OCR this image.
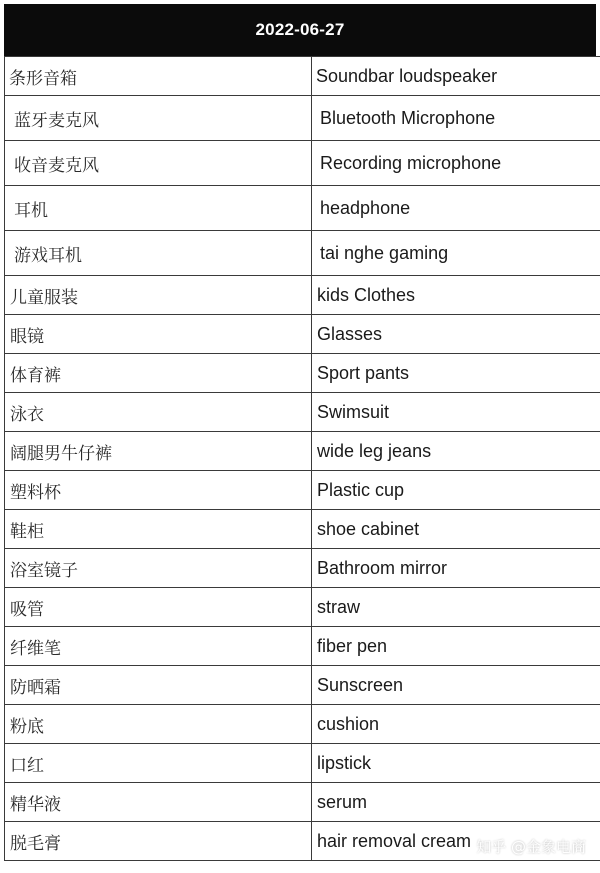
2022-06-27
条形音箱	Soundbar loudspeaker
蓝牙麦克风	Bluetooth Microphone
收音麦克风	Recording microphone
耳机	headphone
游戏耳机	tai nghe gaming
儿童服装	kids Clothes
眼镜	Glasses
体育裤	Sport pants
泳衣	Swimsuit
阔腿男牛仔裤	wide leg jeans
塑料杯	Plastic cup
鞋柜	shoe cabinet
浴室镜子	Bathroom mirror
吸管	straw
纤维笔	fiber pen
防晒霜	Sunscreen
粉底	cushion
口红	lipstick
精华液	serum
脱毛膏	hair removal cream 知乎 @金象电商
